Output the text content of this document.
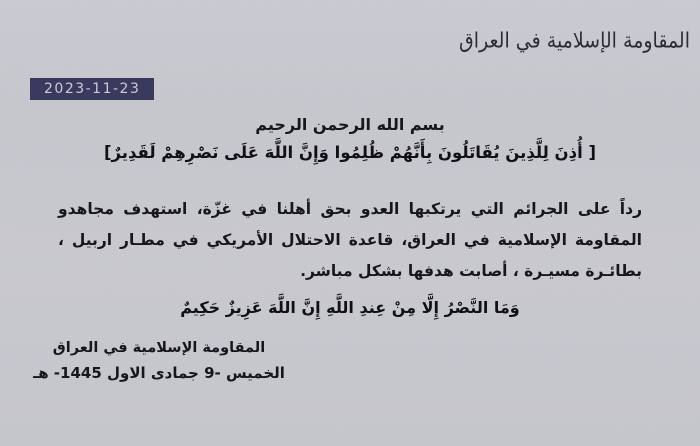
المقاومة الإسلامية في العراق
2023-11-23
بسم الله الرحمن الرحيم
[ أُذِنَ لِلَّذِينَ يُقَاتَلُونَ بِأَنَّهُمْ ظُلِمُوا وَإِنَّ اللَّهَ عَلَى نَصْرِهِمْ لَقَدِيرٌ]
رداً على الجرائم التي يرتكبها العدو بحق أهلنا في غزّة، استهدف مجاهدو المقاومة الإسلامية في العراق، قاعدة الاحتلال الأمريكي في مطـار اربيل ، بطائـرة مسيـرة ، أصابت هدفها بشكل مباشر.
وَمَا النَّصْرُ إِلَّا مِنْ عِندِ اللَّهِ إِنَّ اللَّهَ عَزِيزٌ حَكِيمٌ
المقاومة الإسلامية في العراق
الخميس -9 جمادى الاول 1445- هـ
